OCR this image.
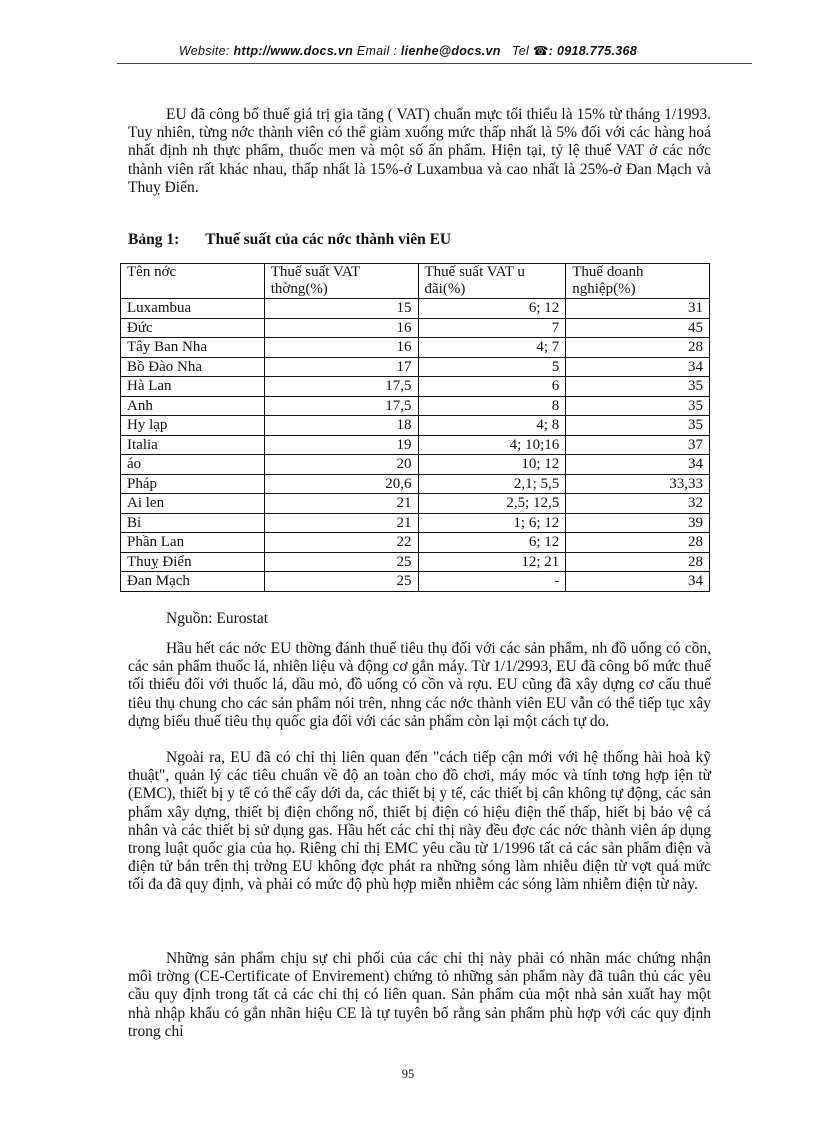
Website: http://www.docs.vn Email : lienhe@docs.vn Tel ☎: 0918.775.368

EU đã công bố thuế giá trị gia tăng ( VAT) chuẩn mực tối thiểu là 15% từ tháng 1/1993. Tuy nhiên, từng nớc thành viên có thể giảm xuống mức thấp nhất là 5% đối với các hàng hoá nhất định nh thực phẩm, thuốc men và một số ấn phẩm. Hiện tại, tỷ lệ thuế VAT ở các nớc thành viên rất khác nhau, thấp nhất là 15%-ở Luxambua và cao nhất là 25%-ở Đan Mạch và Thuỵ Điển.

Bảng 1: Thuế suất của các nớc thành viên EU
Tên nớc	Thuế suất VAT thờng(%)	Thuế suất VAT u đãi(%)	Thuế doanh nghiệp(%)
Luxambua	15	6; 12	31
Đức	16	7	45
Tây Ban Nha	16	4; 7	28
Bồ Đào Nha	17	5	34
Hà Lan	17,5	6	35
Anh	17,5	8	35
Hy lạp	18	4; 8	35
Italia	19	4; 10;16	37
áo	20	10; 12	34
Pháp	20,6	2,1; 5,5	33,33
Ai len	21	2,5; 12,5	32
Bỉ	21	1; 6; 12	39
Phần Lan	22	6; 12	28
Thuỵ Điển	25	12; 21	28
Đan Mạch	25	-	34
Nguồn: Eurostat

Hầu hết các nớc EU thờng đánh thuế tiêu thụ đối với các sản phẩm, nh đồ uống có cồn, các sản phẩm thuốc lá, nhiên liệu và động cơ gắn máy. Từ 1/1/2993, EU đã công bố mức thuế tối thiểu đối với thuốc lá, dầu mỏ, đồ uống có cồn và rợu. EU cũng đã xây dựng cơ cấu thuế tiêu thụ chung cho các sản phẩm nói trên, nhng các nớc thành viên EU vẫn có thể tiếp tục xây dựng biểu thuế tiêu thụ quốc gia đối với các sản phẩm còn lại một cách tự do.

Ngoài ra, EU đã có chỉ thị liên quan đến "cách tiếp cận mới với hệ thống hài hoà kỹ thuật", quản lý các tiêu chuẩn về độ an toàn cho đồ chơi, máy móc và tính tơng hợp iện từ (EMC), thiết bị y tế có thể cấy dới da, các thiết bị y tế, các thiết bị cân không tự động, các sản phẩm xây dựng, thiết bị điện chống nổ, thiết bị điện có hiệu điện thế thấp, hiết bị bảo vệ cá nhân và các thiết bị sử dụng gas. Hầu hết các chỉ thị này đều đợc các nớc thành viên áp dụng trong luật quốc gia của họ. Riêng chỉ thị EMC yêu cầu từ 1/1996 tất cả các sản phẩm điện và điện tử bán trên thị trờng EU không đợc phát ra những sóng làm nhiễu điện từ vợt quá mức tối đa đã quy định, và phải có mức độ phù hợp miễn nhiễm các sóng làm nhiễm điện từ này.

Những sản phẩm chịu sự chi phối của các chỉ thị này phải có nhãn mác chứng nhận môi trờng (CE-Certificate of Envirement) chứng tỏ những sản phẩm này đã tuân thủ các yêu cầu quy định trong tất cả các chỉ thị có liên quan. Sản phẩm của một nhà sản xuất hay một nhà nhập khẩu có gắn nhãn hiệu CE là tự tuyên bố rằng sản phẩm phù hợp với các quy định trong chỉ

95
